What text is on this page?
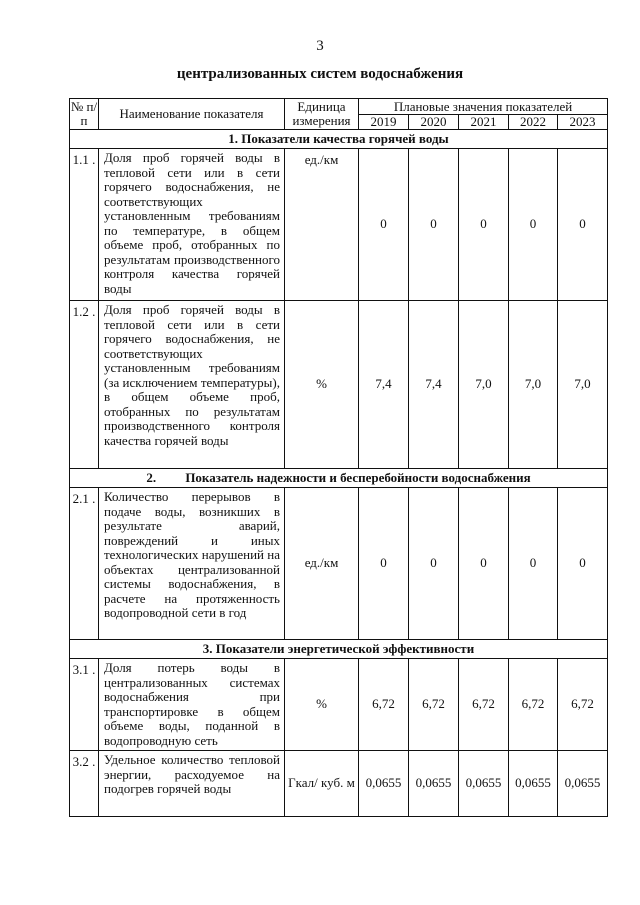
3
централизованных систем водоснабжения
№ п/п	Наименование показателя	Единица измерения	Плановые значения показателей				
			2019	2020	2021	2022	2023
1. Показатели качества горячей воды							
1.1 .	Доля проб горячей воды в тепловой сети или в сети горячего водоснабжения, не соответствующих установленным требованиям по температуре, в общем объеме проб, отобранных по результатам производственного контроля качества горячей воды	ед./км	0	0	0	0	0
1.2 .	Доля проб горячей воды в тепловой сети или в сети горячего водоснабжения, не соответствующих установленным требованиям (за исключением температуры), в общем объеме проб, отобранных по результатам производственного контроля качества горячей воды	%	7,4	7,4	7,0	7,0	7,0
2.         Показатель надежности и бесперебойности водоснабжения							
2.1 .	Количество перерывов в подаче воды, возникших в результате аварий, повреждений и иных технологических нарушений на объектах централизованной системы водоснабжения, в расчете на протяженность водопроводной сети в год	ед./км	0	0	0	0	0
3. Показатели энергетической эффективности							
3.1 .	Доля потерь воды в централизованных системах водоснабжения при транспортировке в общем объеме воды, поданной в водопроводную сеть	%	6,72	6,72	6,72	6,72	6,72
3.2 .	Удельное количество тепловой энергии, расходуемое на подогрев горячей воды	Гкал/ куб. м	0,0655	0,0655	0,0655	0,0655	0,0655
